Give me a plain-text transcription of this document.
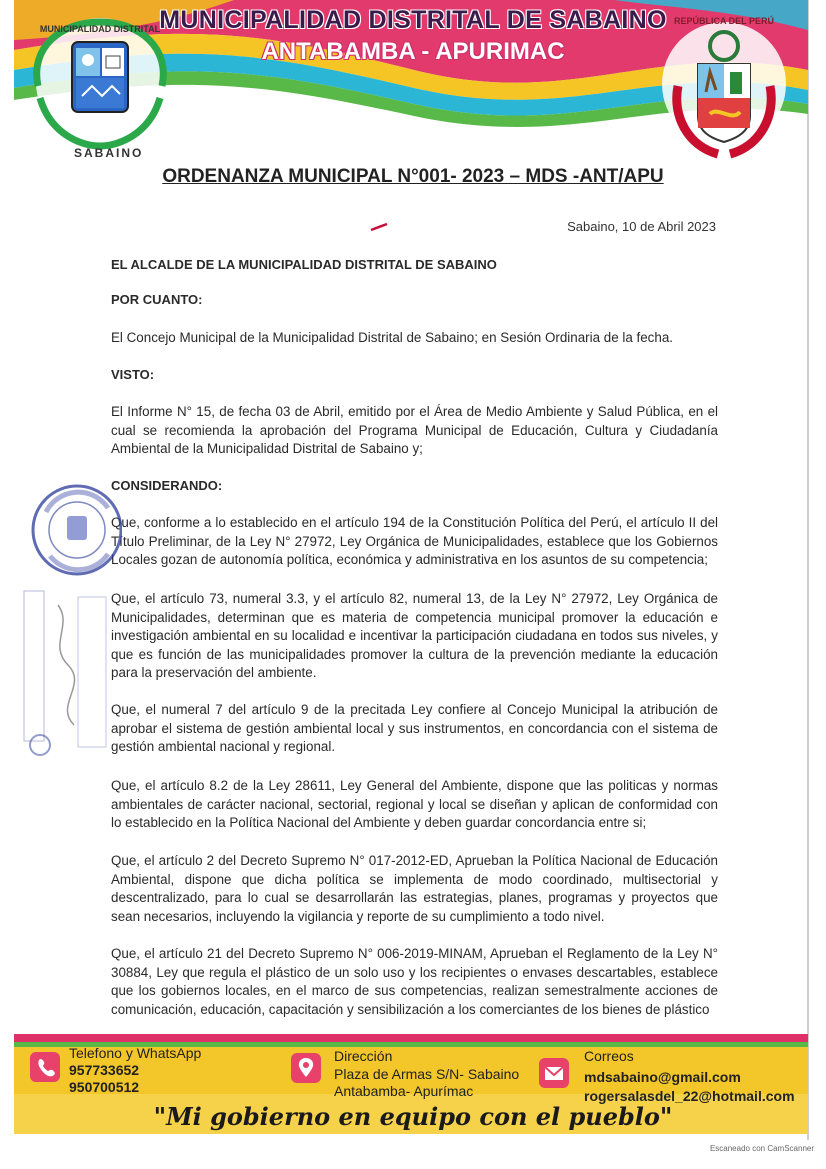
MUNICIPALIDAD DISTRITAL
SABAINO
REPÚBLICA DEL PERÚ
MUNICIPALIDAD DISTRITAL DE SABAINO
ANTABAMBA - APURIMAC
ORDENANZA MUNICIPAL N°001- 2023 – MDS -ANT/APU
Sabaino, 10 de Abril 2023
EL ALCALDE DE LA MUNICIPALIDAD DISTRITAL DE SABAINO
POR CUANTO:
El Concejo Municipal de la Municipalidad Distrital de Sabaino; en Sesión Ordinaria de la fecha.
VISTO:
El Informe N° 15, de fecha 03 de Abril, emitido por el Área de Medio Ambiente y Salud Pública, en el cual se recomienda la aprobación del Programa Municipal de Educación, Cultura y Ciudadanía Ambiental de la Municipalidad Distrital de Sabaino y;
CONSIDERANDO:
Que, conforme a lo establecido en el artículo 194 de la Constitución Política del Perú, el artículo II del Título Preliminar, de la Ley N° 27972, Ley Orgánica de Municipalidades, establece que los Gobiernos Locales gozan de autonomía política, económica y administrativa en los asuntos de su competencia;
Que, el artículo 73, numeral 3.3, y el artículo 82, numeral 13, de la Ley N° 27972, Ley Orgánica de Municipalidades, determinan que es materia de competencia municipal promover la educación e investigación ambiental en su localidad e incentivar la participación ciudadana en todos sus niveles, y que es función de las municipalidades promover la cultura de la prevención mediante la educación para la preservación del ambiente.
Que, el numeral 7 del artículo 9 de la precitada Ley confiere al Concejo Municipal la atribución de aprobar el sistema de gestión ambiental local y sus instrumentos, en concordancia con el sistema de gestión ambiental nacional y regional.
Que, el artículo 8.2 de la Ley 28611, Ley General del Ambiente, dispone que las politicas y normas ambientales de carácter nacional, sectorial, regional y local se diseñan y aplican de conformidad con lo establecido en la Política Nacional del Ambiente y deben guardar concordancia entre si;
Que, el artículo 2 del Decreto Supremo N° 017-2012-ED, Aprueban la Política Nacional de Educación Ambiental, dispone que dicha política se implementa de modo coordinado, multisectorial y descentralizado, para lo cual se desarrollarán las estrategias, planes, programas y proyectos que sean necesarios, incluyendo la vigilancia y reporte de su cumplimiento a todo nivel.
Que, el artículo 21 del Decreto Supremo N° 006-2019-MINAM, Aprueban el Reglamento de la Ley N° 30884, Ley que regula el plástico de un solo uso y los recipientes o envases descartables, establece que los gobiernos locales, en el marco de sus competencias, realizan semestralmente acciones de comunicación, educación, capacitación y sensibilización a los comerciantes de los bienes de plástico
Telefono y WhatsApp
957733652
950700512
Dirección
Plaza de Armas S/N- Sabaino
Antabamba- Apurímac
Correos
mdsabaino@gmail.com
rogersalasdel_22@hotmail.com
"Mi gobierno en equipo con el pueblo"
Escaneado con CamScanner
